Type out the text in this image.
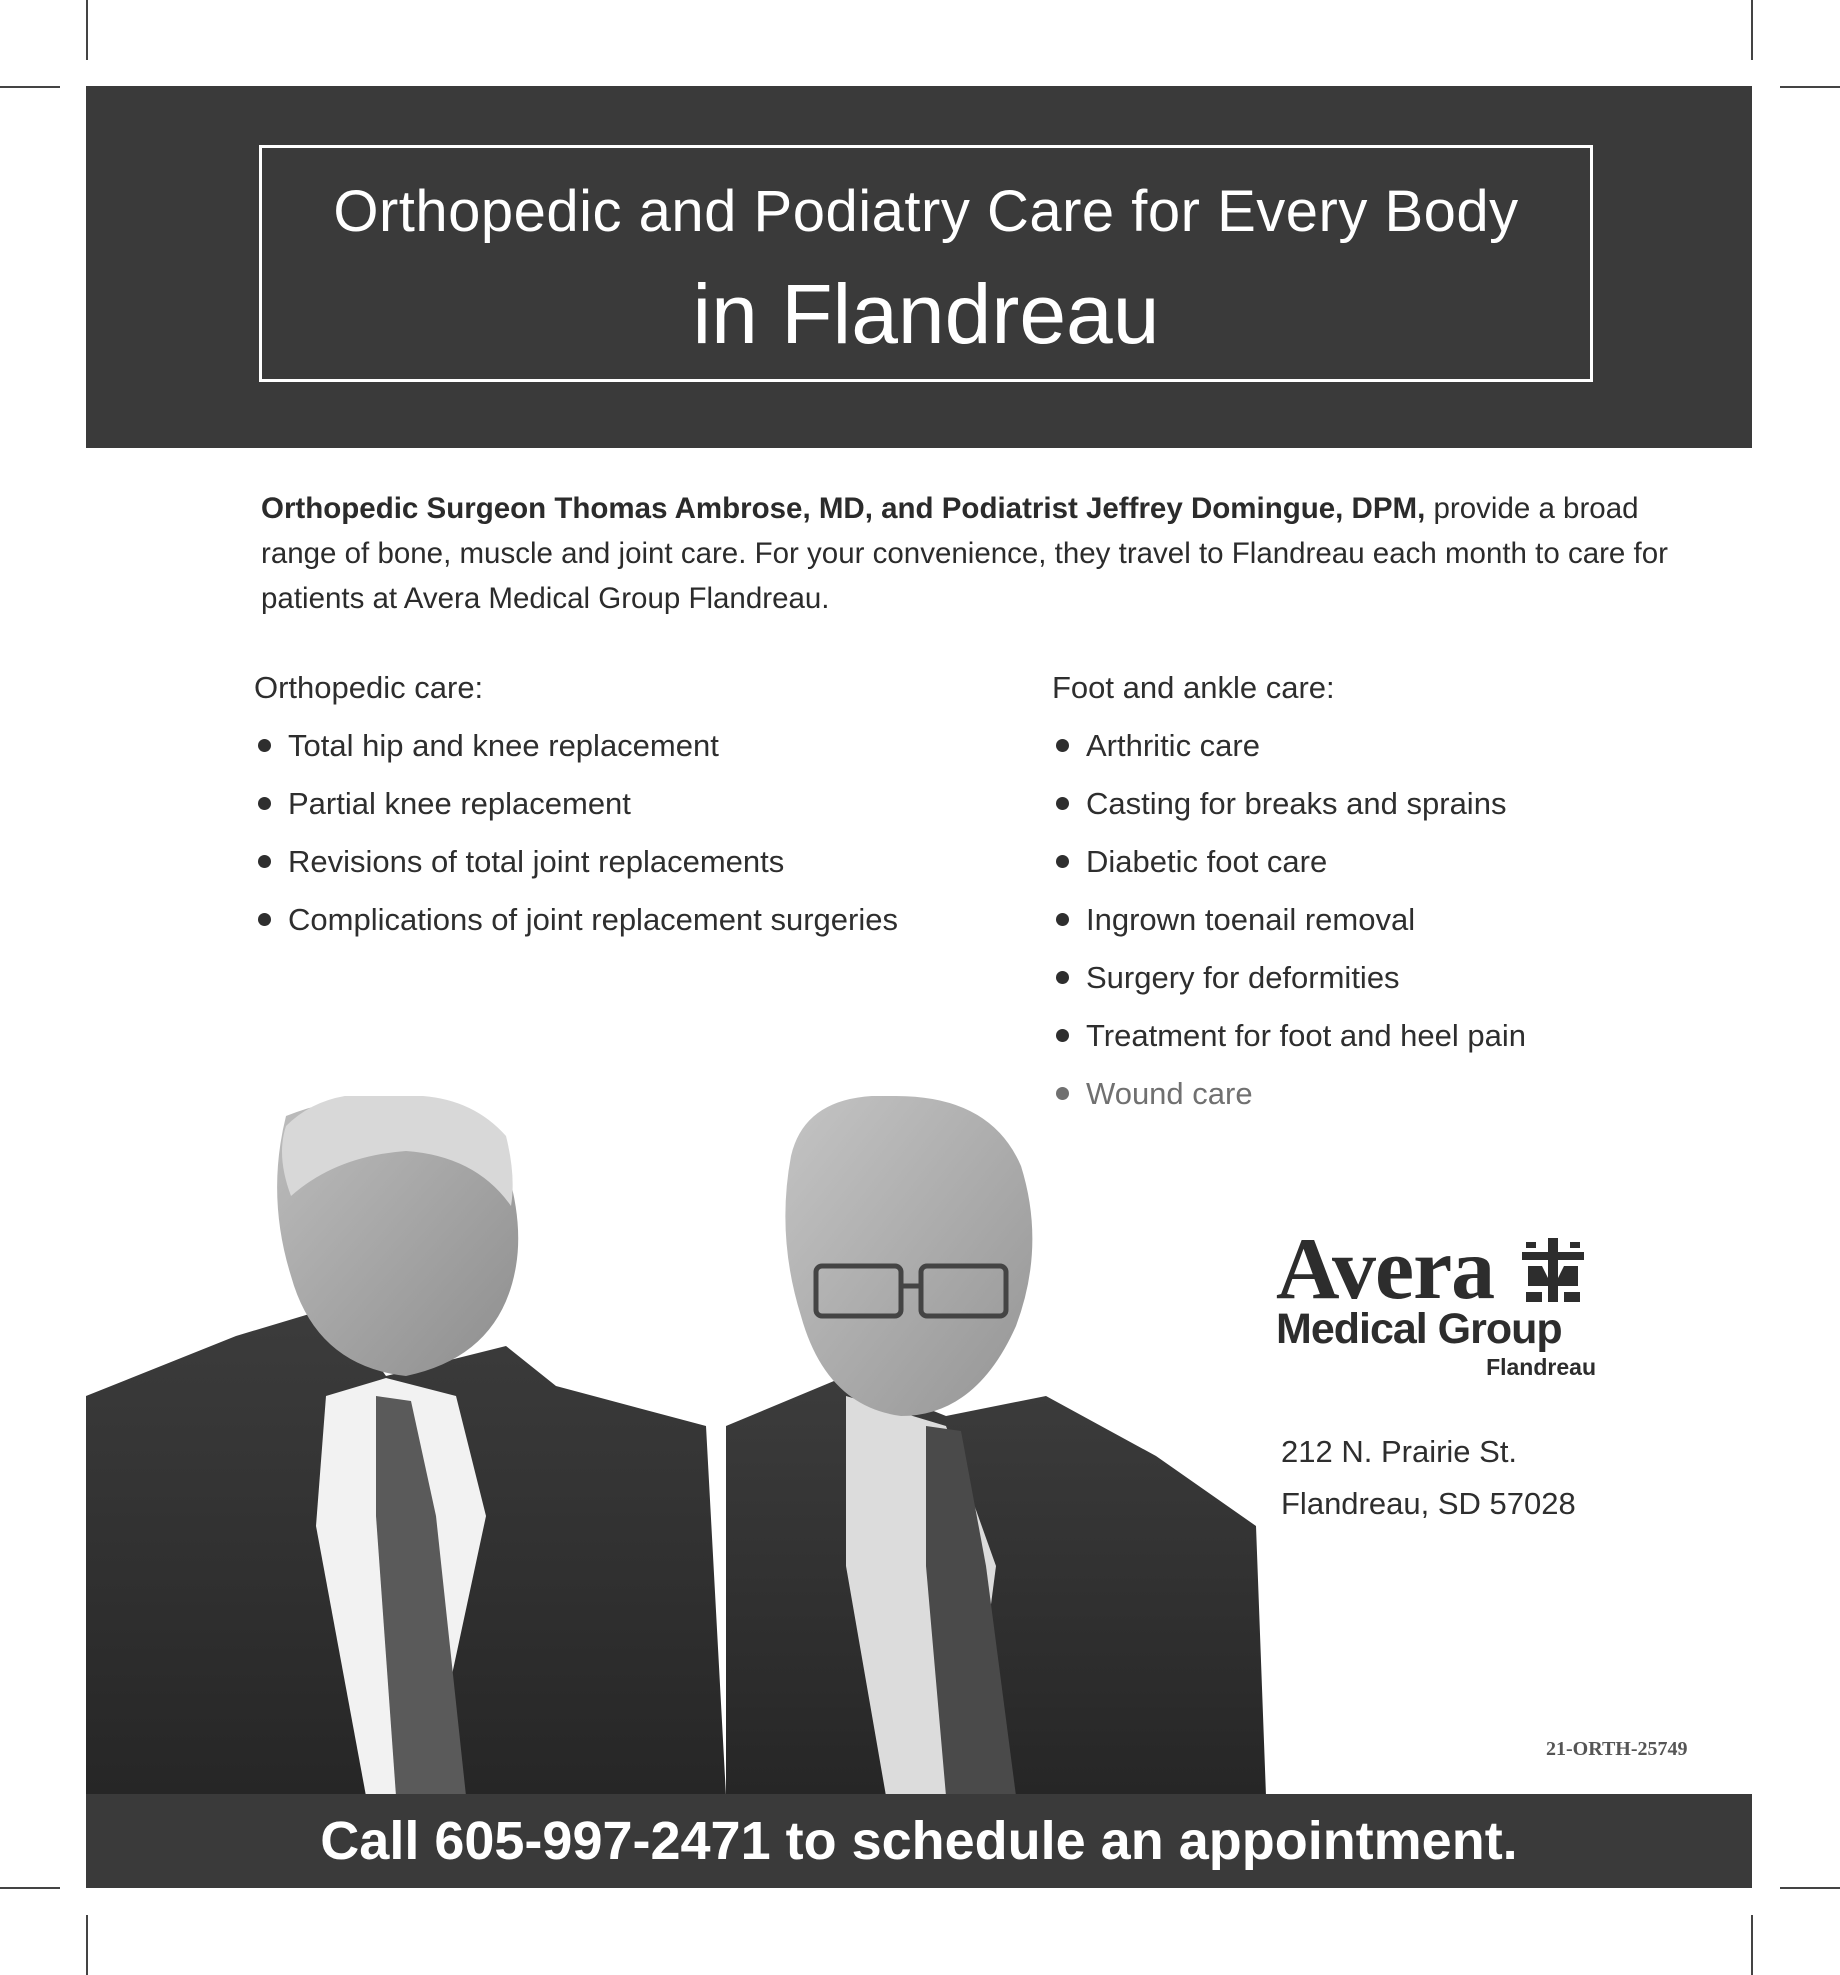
Orthopedic and Podiatry Care for Every Body
in Flandreau
Orthopedic Surgeon Thomas Ambrose, MD, and Podiatrist Jeffrey Domingue, DPM, provide a broad range of bone, muscle and joint care. For your convenience, they travel to Flandreau each month to care for patients at Avera Medical Group Flandreau.
Orthopedic care:
Total hip and knee replacement
Partial knee replacement
Revisions of total joint replacements
Complications of joint replacement surgeries
Foot and ankle care:
Arthritic care
Casting for breaks and sprains
Diabetic foot care
Ingrown toenail removal
Surgery for deformities
Treatment for foot and heel pain
Wound care
Avera
Medical Group
Flandreau
212 N. Prairie St.
Flandreau, SD 57028
21-ORTH-25749
Call 605-997-2471 to schedule an appointment.
